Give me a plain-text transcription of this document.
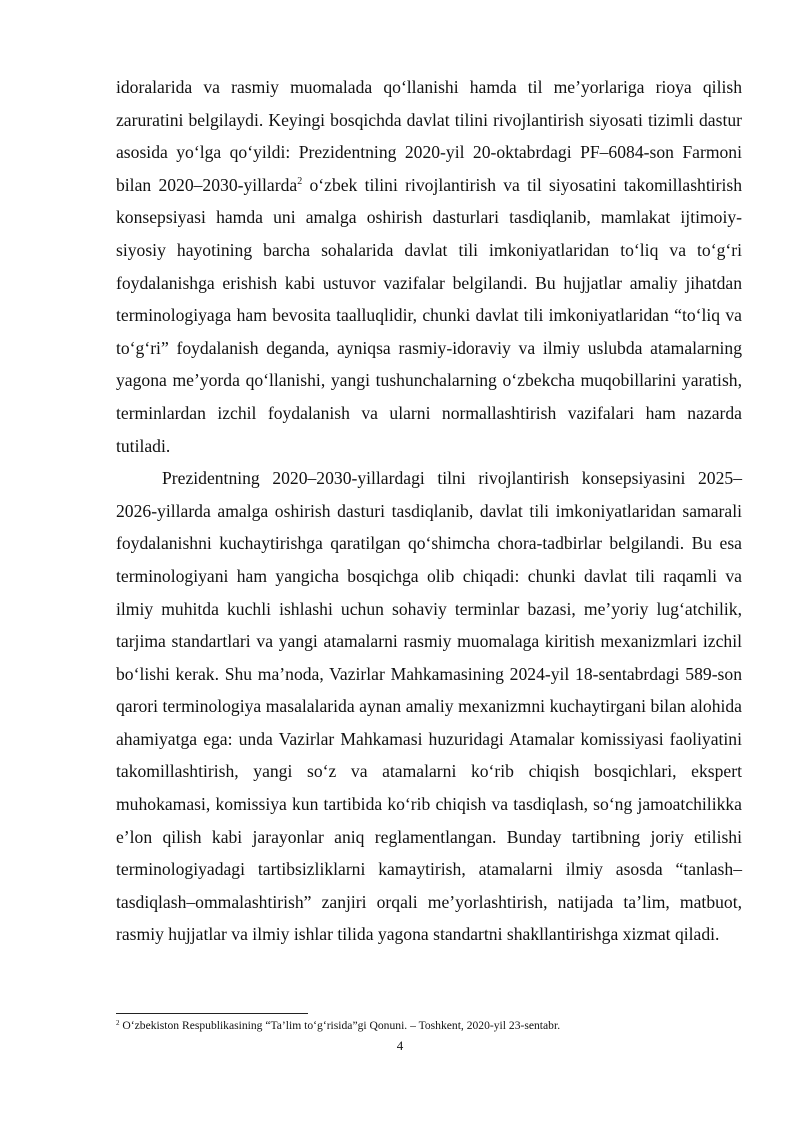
idoralarida va rasmiy muomalada qo‘llanishi hamda til me’yorlariga rioya qilish zaruratini belgilaydi. Keyingi bosqichda davlat tilini rivojlantirish siyosati tizimli dastur asosida yo‘lga qo‘yildi: Prezidentning 2020-yil 20-oktabrdagi PF–6084-son Farmoni bilan 2020–2030-yillarda$^2$ o‘zbek tilini rivojlantirish va til siyosatini takomillashtirish konsepsiyasi hamda uni amalga oshirish dasturlari tasdiqlanib, mamlakat ijtimoiy-siyosiy hayotining barcha sohalarida davlat tili imkoniyatlaridan to‘liq va to‘g‘ri foydalanishga erishish kabi ustuvor vazifalar belgilandi. Bu hujjatlar amaliy jihatdan terminologiyaga ham bevosita taalluqlidir, chunki davlat tili imkoniyatlaridan “to‘liq va to‘g‘ri” foydalanish deganda, ayniqsa rasmiy-idoraviy va ilmiy uslubda atamalarning yagona me’yorda qo‘llanishi, yangi tushunchalarning o‘zbekcha muqobillarini yaratish, terminlardan izchil foydalanish va ularni normallashtirish vazifalari ham nazarda tutiladi.

Prezidentning 2020–2030-yillardagi tilni rivojlantirish konsepsiyasini 2025–2026-yillarda amalga oshirish dasturi tasdiqlanib, davlat tili imkoniyatlaridan samarali foydalanishni kuchaytirishga qaratilgan qo‘shimcha chora-tadbirlar belgilandi. Bu esa terminologiyani ham yangicha bosqichga olib chiqadi: chunki davlat tili raqamli va ilmiy muhitda kuchli ishlashi uchun sohaviy terminlar bazasi, me’yoriy lug‘atchilik, tarjima standartlari va yangi atamalarni rasmiy muomalaga kiritish mexanizmlari izchil bo‘lishi kerak. Shu ma’noda, Vazirlar Mahkamasining 2024-yil 18-sentabrdagi 589-son qarori terminologiya masalalarida aynan amaliy mexanizmni kuchaytirgani bilan alohida ahamiyatga ega: unda Vazirlar Mahkamasi huzuridagi Atamalar komissiyasi faoliyatini takomillashtirish, yangi so‘z va atamalarni ko‘rib chiqish bosqichlari, ekspert muhokamasi, komissiya kun tartibida ko‘rib chiqish va tasdiqlash, so‘ng jamoatchilikka e’lon qilish kabi jarayonlar aniq reglamentlangan. Bunday tartibning joriy etilishi terminologiyadagi tartibsizliklarni kamaytirish, atamalarni ilmiy asosda “tanlash–tasdiqlash–ommalashtirish” zanjiri orqali me’yorlashtirish, natijada ta’lim, matbuot, rasmiy hujjatlar va ilmiy ishlar tilida yagona standartni shakllantirishga xizmat qiladi.

$^2$ O‘zbekiston Respublikasining “Ta’lim to‘g‘risida”gi Qonuni. – Toshkent, 2020-yil 23-sentabr.
4
